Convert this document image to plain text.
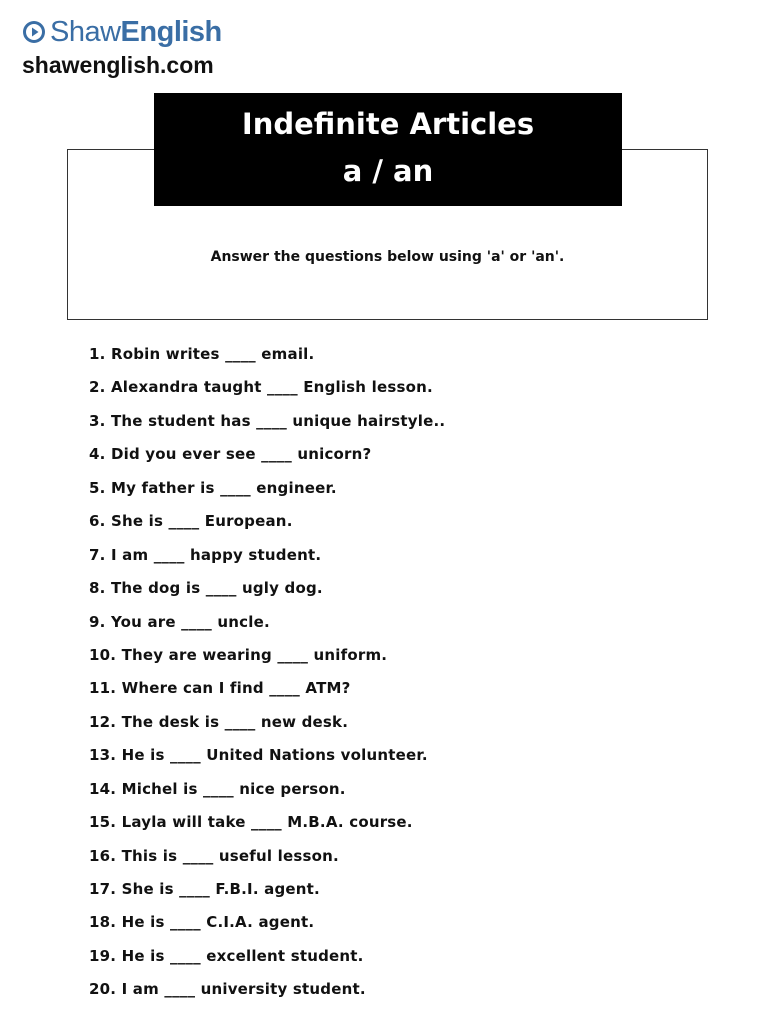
ShawEnglish
shawenglish.com
Indefinite Articles
a / an
Answer the questions below using 'a' or 'an'.
1. Robin writes ____ email.
2. Alexandra taught ____ English lesson.
3. The student has ____ unique hairstyle..
4. Did you ever see ____ unicorn?
5. My father is ____ engineer.
6. She is ____ European.
7. I am ____ happy student.
8. The dog is ____ ugly dog.
9. You are ____ uncle.
10. They are wearing ____ uniform.
11. Where can I find ____ ATM?
12. The desk is ____ new desk.
13. He is ____ United Nations volunteer.
14. Michel is ____ nice person.
15. Layla will take ____ M.B.A. course.
16. This is ____ useful lesson.
17. She is ____ F.B.I. agent.
18. He is ____ C.I.A. agent.
19. He is ____ excellent student.
20. I am ____ university student.
